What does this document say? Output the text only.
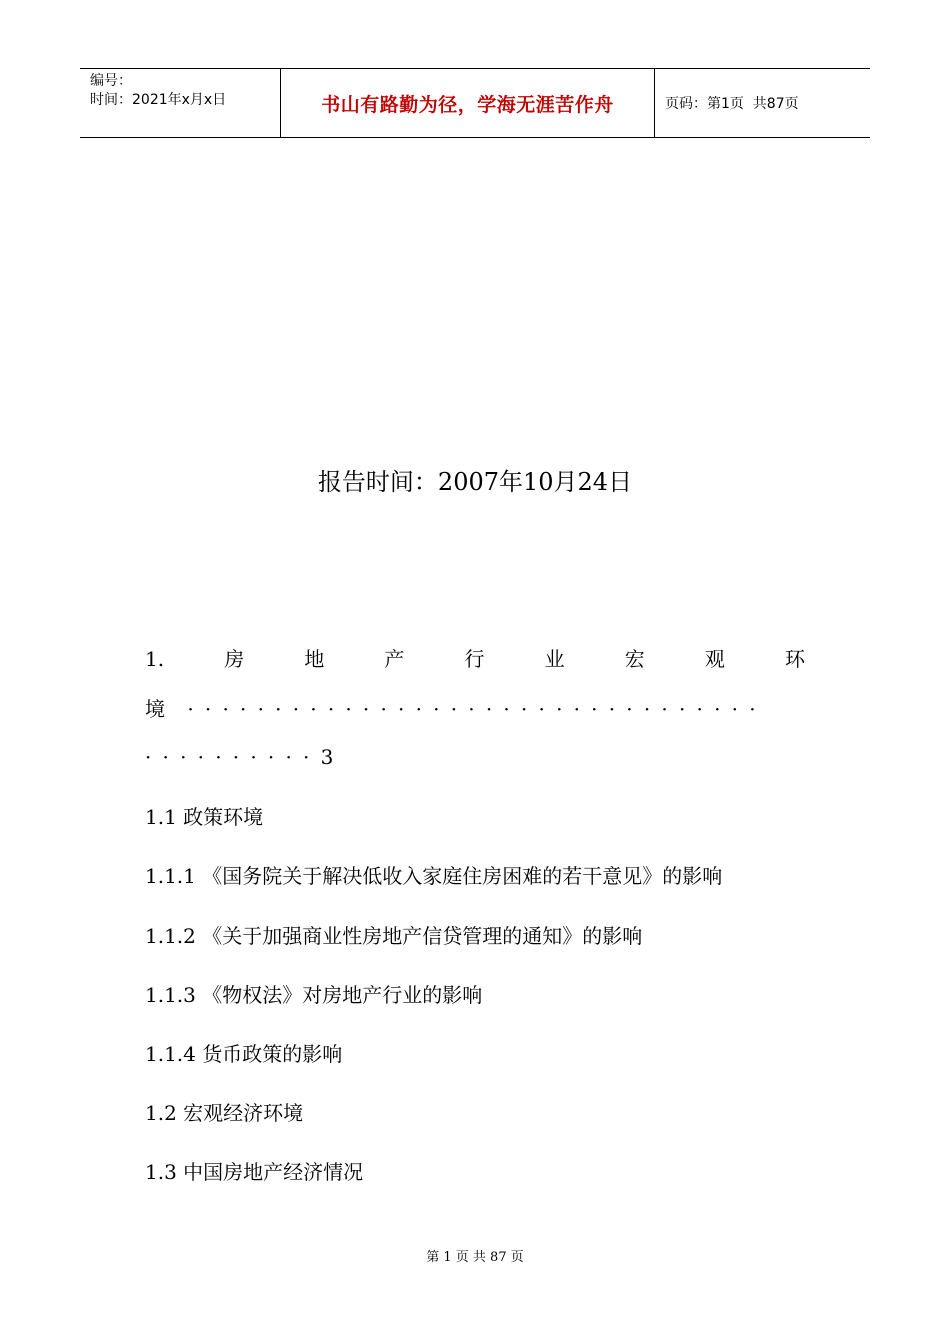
编号：
时间：2021年x月x日	书山有路勤为径，学海无涯苦作舟	页码：第1页  共87页
报告时间：2007年10月24日
1.	房	地	产	行	业	宏	观	环
境 ·································
··········3
1.1 政策环境
1.1.1 《国务院关于解决低收入家庭住房困难的若干意见》的影响
1.1.2 《关于加强商业性房地产信贷管理的通知》的影响
1.1.3 《物权法》对房地产行业的影响
1.1.4 货币政策的影响
1.2 宏观经济环境
1.3 中国房地产经济情况
第 1 页 共 87 页
